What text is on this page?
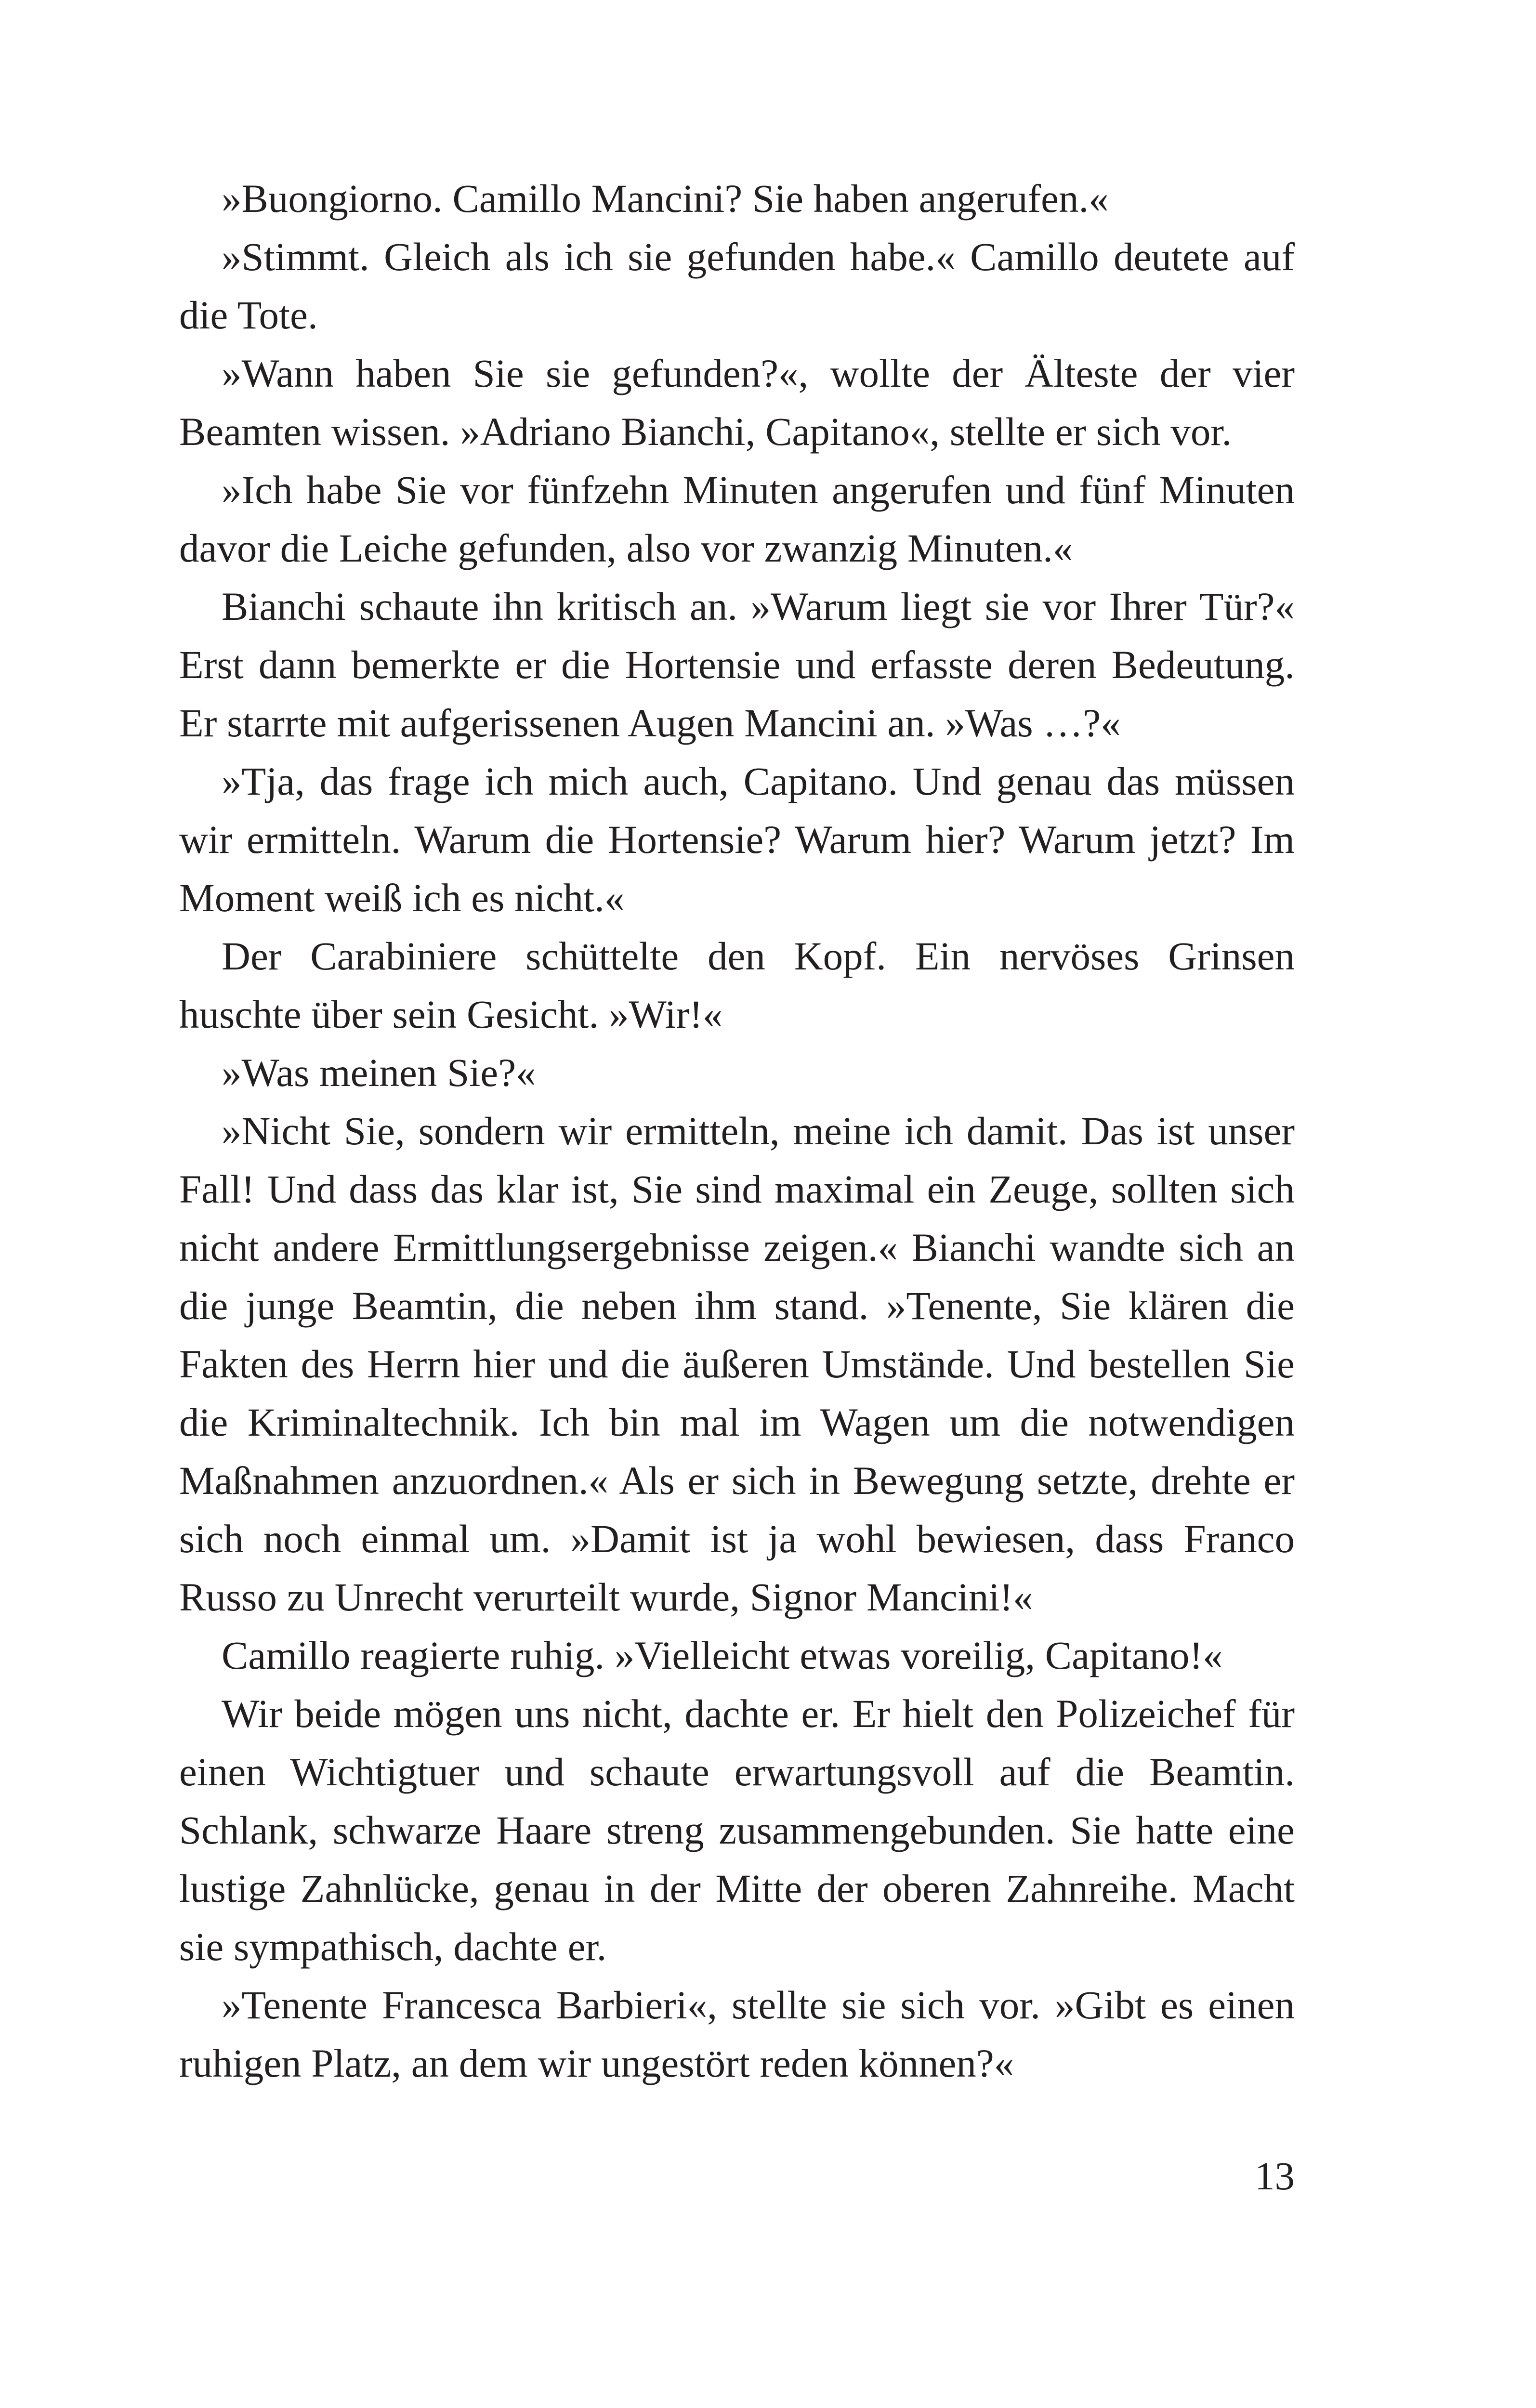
»Buongiorno. Camillo Mancini? Sie haben angerufen.«

»Stimmt. Gleich als ich sie gefunden habe.« Camillo deutete auf die Tote.

»Wann haben Sie sie gefunden?«, wollte der Älteste der vier Beamten wissen. »Adriano Bianchi, Capitano«, stellte er sich vor.

»Ich habe Sie vor fünfzehn Minuten angerufen und fünf Minuten davor die Leiche gefunden, also vor zwanzig Minuten.«

Bianchi schaute ihn kritisch an. »Warum liegt sie vor Ihrer Tür?« Erst dann bemerkte er die Hortensie und erfasste deren Bedeutung. Er starrte mit aufgerissenen Augen Mancini an. »Was …?«

»Tja, das frage ich mich auch, Capitano. Und genau das müssen wir ermitteln. Warum die Hortensie? Warum hier? Warum jetzt? Im Moment weiß ich es nicht.«

Der Carabiniere schüttelte den Kopf. Ein nervöses Grinsen huschte über sein Gesicht. »Wir!«

»Was meinen Sie?«

»Nicht Sie, sondern wir ermitteln, meine ich damit. Das ist unser Fall! Und dass das klar ist, Sie sind maximal ein Zeuge, sollten sich nicht andere Ermittlungsergebnisse zeigen.« Bianchi wandte sich an die junge Beamtin, die neben ihm stand. »Tenente, Sie klären die Fakten des Herrn hier und die äußeren Umstände. Und bestellen Sie die Kriminaltechnik. Ich bin mal im Wagen um die notwendigen Maßnahmen anzuordnen.« Als er sich in Bewegung setzte, drehte er sich noch einmal um. »Damit ist ja wohl bewiesen, dass Franco Russo zu Unrecht verurteilt wurde, Signor Mancini!«

Camillo reagierte ruhig. »Vielleicht etwas voreilig, Capitano!«

Wir beide mögen uns nicht, dachte er. Er hielt den Polizeichef für einen Wichtigtuer und schaute erwartungsvoll auf die Beamtin. Schlank, schwarze Haare streng zusammengebunden. Sie hatte eine lustige Zahnlücke, genau in der Mitte der oberen Zahnreihe. Macht sie sympathisch, dachte er.

»Tenente Francesca Barbieri«, stellte sie sich vor. »Gibt es einen ruhigen Platz, an dem wir ungestört reden können?«

13
